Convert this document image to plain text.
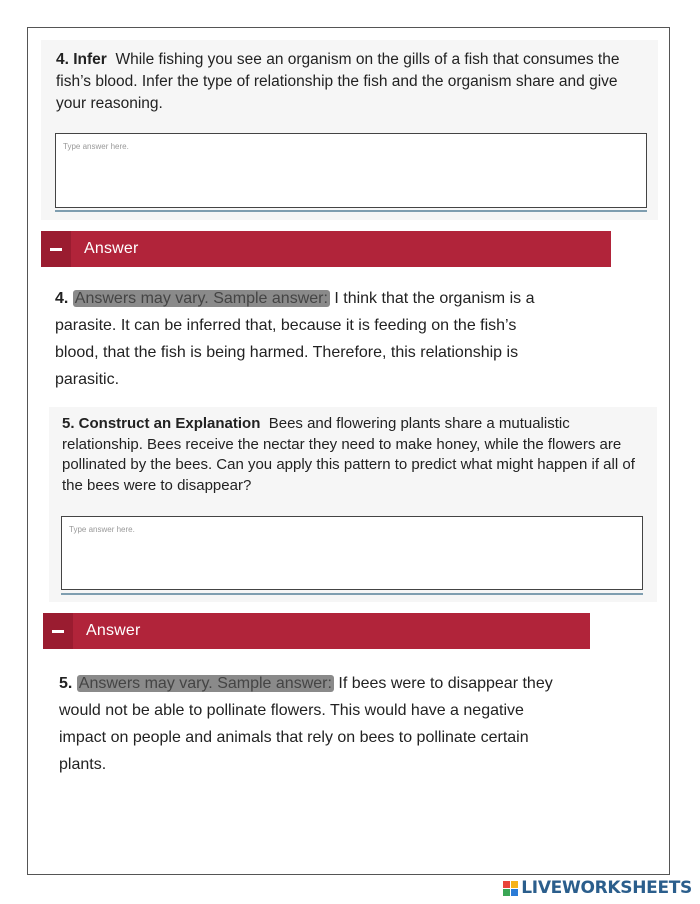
4. Infer While fishing you see an organism on the gills of a fish that consumes the fish’s blood. Infer the type of relationship the fish and the organism share and give your reasoning.
Type answer here.
Answer
4. Answers may vary. Sample answer: I think that the organism is a parasite. It can be inferred that, because it is feeding on the fish’s blood, that the fish is being harmed. Therefore, this relationship is parasitic.
5. Construct an Explanation Bees and flowering plants share a mutualistic relationship. Bees receive the nectar they need to make honey, while the flowers are pollinated by the bees. Can you apply this pattern to predict what might happen if all of the bees were to disappear?
Type answer here.
Answer
5. Answers may vary. Sample answer: If bees were to disappear they would not be able to pollinate flowers. This would have a negative impact on people and animals that rely on bees to pollinate certain plants.
LIVEWORKSHEETS
